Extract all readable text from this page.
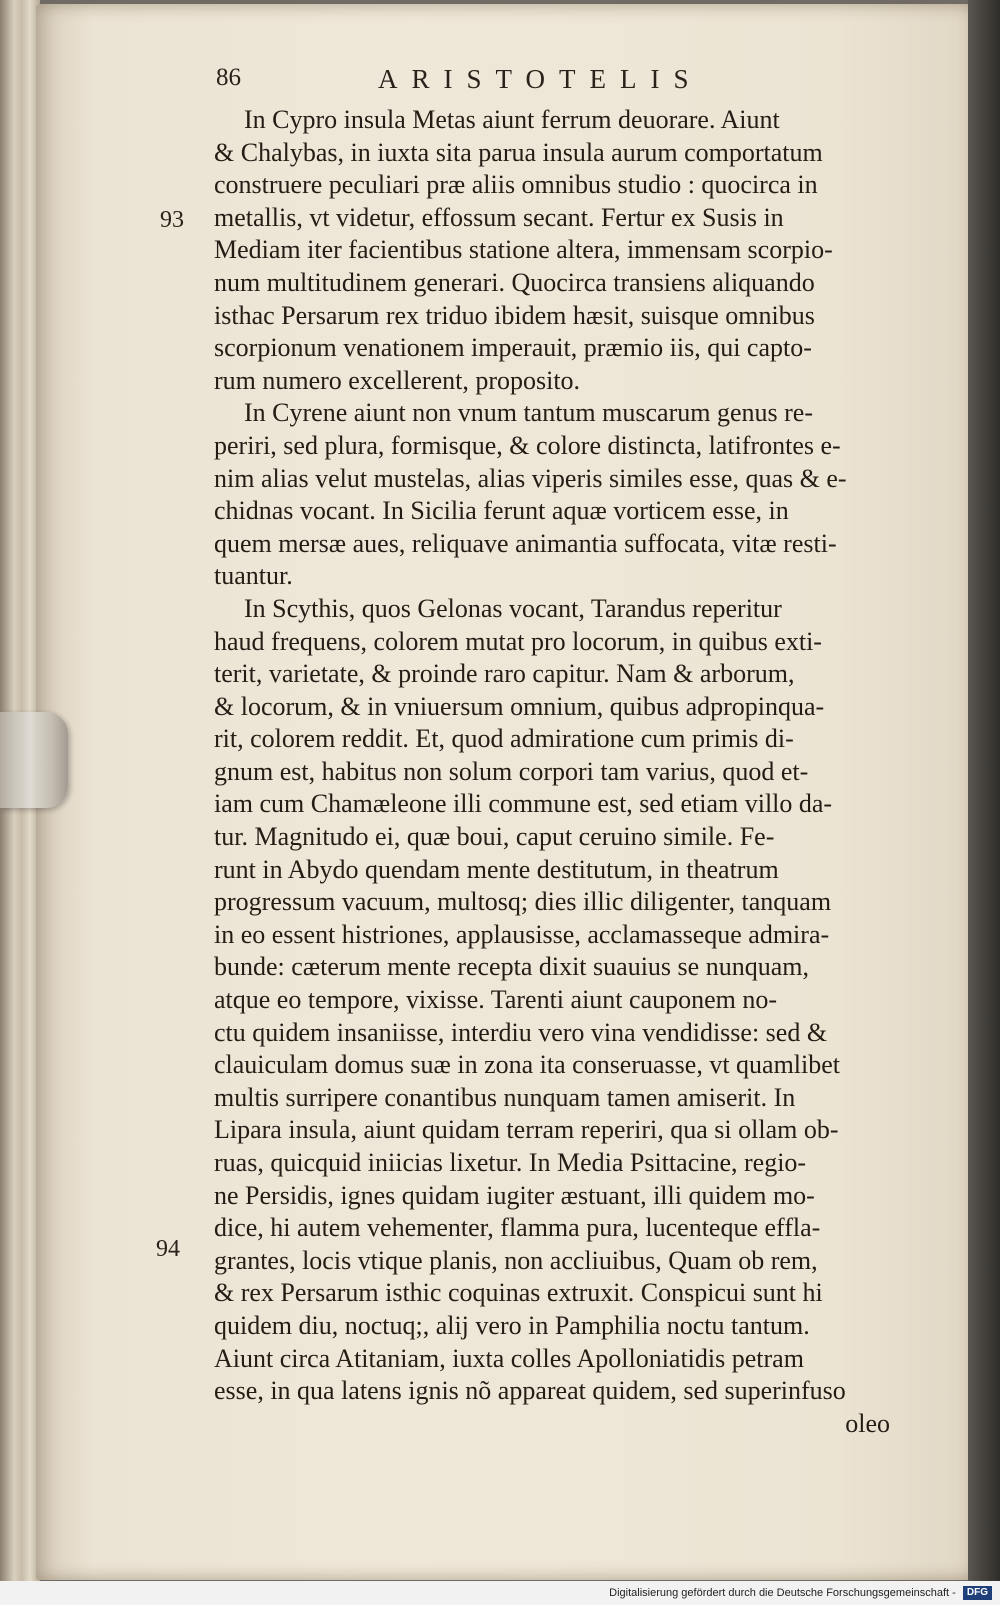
86	ARISTOTELIS
93
94
In Cypro insula Metas aiunt ferrum deuorare. Aiunt
& Chalybas, in iuxta sita parua insula aurum comportatum
construere peculiari præ aliis omnibus studio : quocirca in
metallis, vt videtur, effossum secant. Fertur ex Susis in
Mediam iter facientibus statione altera, immensam scorpio-
num multitudinem generari. Quocirca transiens aliquando
isthac Persarum rex triduo ibidem hæsit, suisque omnibus
scorpionum venationem imperauit, præmio iis, qui capto-
rum numero excellerent, proposito.
In Cyrene aiunt non vnum tantum muscarum genus re-
periri, sed plura, formisque, & colore distincta, latifrontes e-
nim alias velut mustelas, alias viperis similes esse, quas & e-
chidnas vocant. In Sicilia ferunt aquæ vorticem esse, in
quem mersæ aues, reliquave animantia suffocata, vitæ resti-
tuantur.
In Scythis, quos Gelonas vocant, Tarandus reperitur
haud frequens, colorem mutat pro locorum, in quibus exti-
terit, varietate, & proinde raro capitur. Nam & arborum,
& locorum, & in vniuersum omnium, quibus adpropinqua-
rit, colorem reddit. Et, quod admiratione cum primis di-
gnum est, habitus non solum corpori tam varius, quod et-
iam cum Chamæleone illi commune est, sed etiam villo da-
tur. Magnitudo ei, quæ boui, caput ceruino simile. Fe-
runt in Abydo quendam mente destitutum, in theatrum
progressum vacuum, multosq; dies illic diligenter, tanquam
in eo essent histriones, applausisse, acclamasseque admira-
bunde: cæterum mente recepta dixit suauius se nunquam,
atque eo tempore, vixisse. Tarenti aiunt cauponem no-
ctu quidem insaniisse, interdiu vero vina vendidisse: sed &
clauiculam domus suæ in zona ita conseruasse, vt quamlibet
multis surripere conantibus nunquam tamen amiserit. In
Lipara insula, aiunt quidam terram reperiri, qua si ollam ob-
ruas, quicquid iniicias lixetur. In Media Psittacine, regio-
ne Persidis, ignes quidam iugiter æstuant, illi quidem mo-
dice, hi autem vehementer, flamma pura, lucenteque effla-
grantes, locis vtique planis, non accliuibus, Quam ob rem,
& rex Persarum isthic coquinas extruxit. Conspicui sunt hi
quidem diu, noctuq;, alij vero in Pamphilia noctu tantum.
Aiunt circa Atitaniam, iuxta colles Apolloniatidis petram
esse, in qua latens ignis nõ appareat quidem, sed superinfuso
oleo
Digitalisierung gefördert durch die Deutsche Forschungsgemeinschaft - DFG
